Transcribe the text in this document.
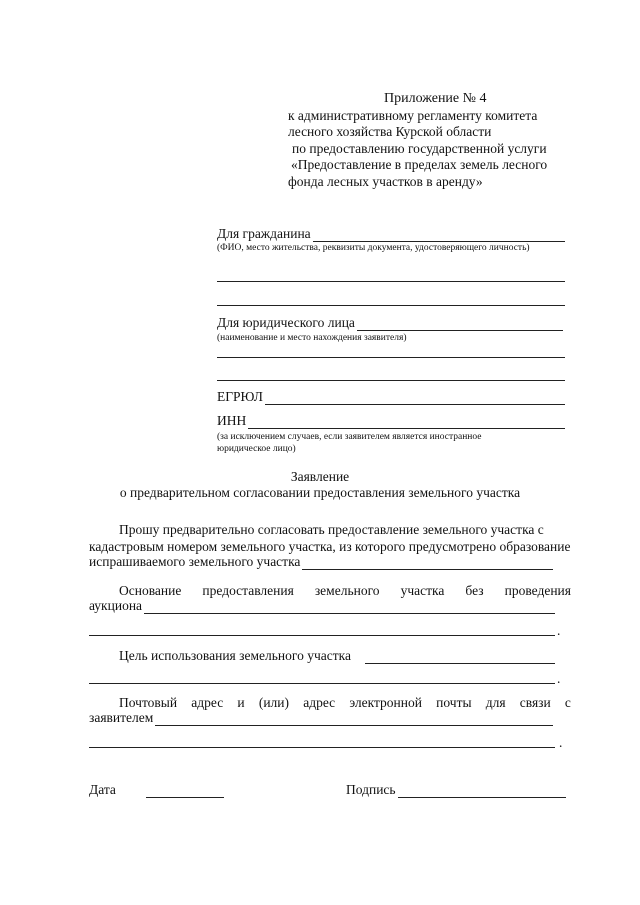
Приложение № 4
к административному регламенту комитета
лесного хозяйства Курской области
по предоставлению государственной услуги
«Предоставление в пределах земель лесного
фонда лесных участков в аренду»
Для гражданина
(ФИО, место жительства, реквизиты документа, удостоверяющего личность)
Для юридического лица
(наименование и место нахождения заявителя)
ЕГРЮЛ
ИНН
(за исключением случаев, если заявителем является иностранное юридическое лицо)
Заявление
о предварительном согласовании предоставления земельного участка
Прошу предварительно согласовать предоставление земельного участка с
кадастровым номером земельного участка, из которого предусмотрено образование
испрашиваемого земельного участка
Основание предоставления земельного участка без проведения
аукциона
.
Цель использования земельного участка
.
Почтовый адрес и (или) адрес электронной почты для связи с
заявителем
.
Дата	Подпись
